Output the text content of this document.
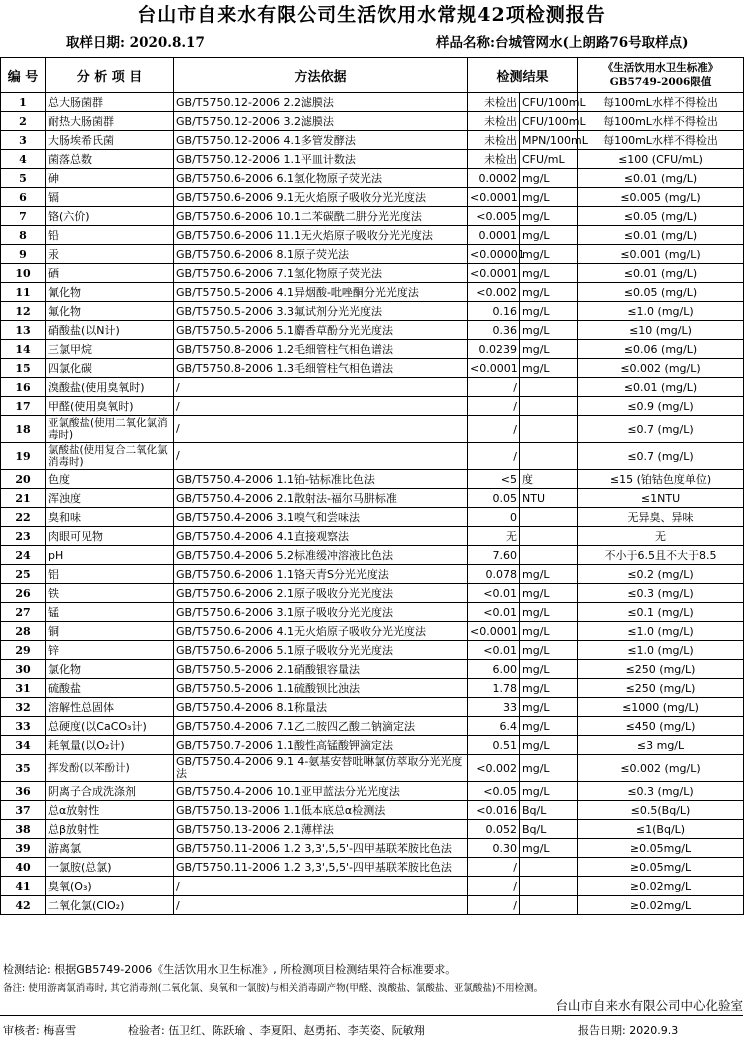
台山市自来水有限公司生活饮用水常规42项检测报告
取样日期: 2020.8.17	样品名称:台城管网水(上朗路76号取样点)
编 号	分 析 项 目	方法依据	检测结果		《生活饮用水卫生标准》
GB5749-2006限值

1	总大肠菌群	GB/T5750.12-2006 2.2滤膜法	未检出	CFU/100mL	每100mL水样不得检出
2	耐热大肠菌群	GB/T5750.12-2006 3.2滤膜法	未检出	CFU/100mL	每100mL水样不得检出
3	大肠埃希氏菌	GB/T5750.12-2006 4.1多管发酵法	未检出	MPN/100mL	每100mL水样不得检出
4	菌落总数	GB/T5750.12-2006 1.1平皿计数法	未检出	CFU/mL	≤100 (CFU/mL)
5	砷	GB/T5750.6-2006 6.1氢化物原子荧光法	0.0002	mg/L	≤0.01 (mg/L)
6	镉	GB/T5750.6-2006 9.1无火焰原子吸收分光光度法	<0.0001	mg/L	≤0.005 (mg/L)
7	铬(六价)	GB/T5750.6-2006 10.1二苯碳酰二肼分光光度法	<0.005	mg/L	≤0.05 (mg/L)
8	铅	GB/T5750.6-2006 11.1无火焰原子吸收分光光度法	0.0001	mg/L	≤0.01 (mg/L)
9	汞	GB/T5750.6-2006 8.1原子荧光法	<0.00001	mg/L	≤0.001 (mg/L)
10	硒	GB/T5750.6-2006 7.1氢化物原子荧光法	<0.0001	mg/L	≤0.01 (mg/L)
11	氰化物	GB/T5750.5-2006 4.1异烟酸-吡唑酮分光光度法	<0.002	mg/L	≤0.05 (mg/L)
12	氟化物	GB/T5750.5-2006 3.3氟试剂分光光度法	0.16	mg/L	≤1.0 (mg/L)
13	硝酸盐(以N计)	GB/T5750.5-2006 5.1麝香草酚分光光度法	0.36	mg/L	≤10 (mg/L)
14	三氯甲烷	GB/T5750.8-2006 1.2毛细管柱气相色谱法	0.0239	mg/L	≤0.06 (mg/L)
15	四氯化碳	GB/T5750.8-2006 1.3毛细管柱气相色谱法	<0.0001	mg/L	≤0.002 (mg/L)
16	溴酸盐(使用臭氧时)	/	/		≤0.01 (mg/L)
17	甲醛(使用臭氧时)	/	/		≤0.9 (mg/L)
18	亚氯酸盐(使用二氧化氯消毒时)	/	/		≤0.7 (mg/L)
19	氯酸盐(使用复合二氧化氯消毒时)	/	/		≤0.7 (mg/L)
20	色度	GB/T5750.4-2006 1.1铂-钴标准比色法	<5	度	≤15 (铂钴色度单位)
21	浑浊度	GB/T5750.4-2006 2.1散射法-福尔马肼标准	0.05	NTU	≤1NTU
22	臭和味	GB/T5750.4-2006 3.1嗅气和尝味法	0		无异臭、异味
23	肉眼可见物	GB/T5750.4-2006 4.1直接观察法	无		无
24	pH	GB/T5750.4-2006 5.2标准缓冲溶液比色法	7.60		不小于6.5且不大于8.5
25	铝	GB/T5750.6-2006 1.1铬天青S分光光度法	0.078	mg/L	≤0.2 (mg/L)
26	铁	GB/T5750.6-2006 2.1原子吸收分光光度法	<0.01	mg/L	≤0.3 (mg/L)
27	锰	GB/T5750.6-2006 3.1原子吸收分光光度法	<0.01	mg/L	≤0.1 (mg/L)
28	铜	GB/T5750.6-2006 4.1无火焰原子吸收分光光度法	<0.0001	mg/L	≤1.0 (mg/L)
29	锌	GB/T5750.6-2006 5.1原子吸收分光光度法	<0.01	mg/L	≤1.0 (mg/L)
30	氯化物	GB/T5750.5-2006 2.1硝酸银容量法	6.00	mg/L	≤250 (mg/L)
31	硫酸盐	GB/T5750.5-2006 1.1硫酸钡比浊法	1.78	mg/L	≤250 (mg/L)
32	溶解性总固体	GB/T5750.4-2006 8.1称量法	33	mg/L	≤1000 (mg/L)
33	总硬度(以CaCO₃计)	GB/T5750.4-2006 7.1乙二胺四乙酸二钠滴定法	6.4	mg/L	≤450 (mg/L)
34	耗氧量(以O₂计)	GB/T5750.7-2006 1.1酸性高锰酸钾滴定法	0.51	mg/L	≤3 mg/L
35	挥发酚(以苯酚计)	GB/T5750.4-2006 9.1 4-氨基安替吡啉氯仿萃取分光光度法	<0.002	mg/L	≤0.002 (mg/L)
36	阴离子合成洗涤剂	GB/T5750.4-2006 10.1亚甲蓝法分光光度法	<0.05	mg/L	≤0.3 (mg/L)
37	总α放射性	GB/T5750.13-2006 1.1低本底总α检测法	<0.016	Bq/L	≤0.5(Bq/L)
38	总β放射性	GB/T5750.13-2006 2.1薄样法	0.052	Bq/L	≤1(Bq/L)
39	游离氯	GB/T5750.11-2006 1.2 3,3',5,5'-四甲基联苯胺比色法	0.30	mg/L	≥0.05mg/L
40	一氯胺(总氯)	GB/T5750.11-2006 1.2 3,3',5,5'-四甲基联苯胺比色法	/		≥0.05mg/L
41	臭氧(O₃)	/	/		≥0.02mg/L
42	二氧化氯(ClO₂)	/	/		≥0.02mg/L
检测结论: 根据GB5749-2006《生活饮用水卫生标准》, 所检测项目检测结果符合标准要求。
备注: 使用游离氯消毒时, 其它消毒剂(二氧化氯、臭氧和一氯胺)与相关消毒副产物(甲醛、溴酸盐、氯酸盐、亚氯酸盐)不用检测。
台山市自来水有限公司中心化验室
审核者: 梅喜雪	检验者: 伍卫红、陈跃瑜 、李夏阳、赵勇拓、李芙姿、阮敏翔	报告日期: 2020.9.3
